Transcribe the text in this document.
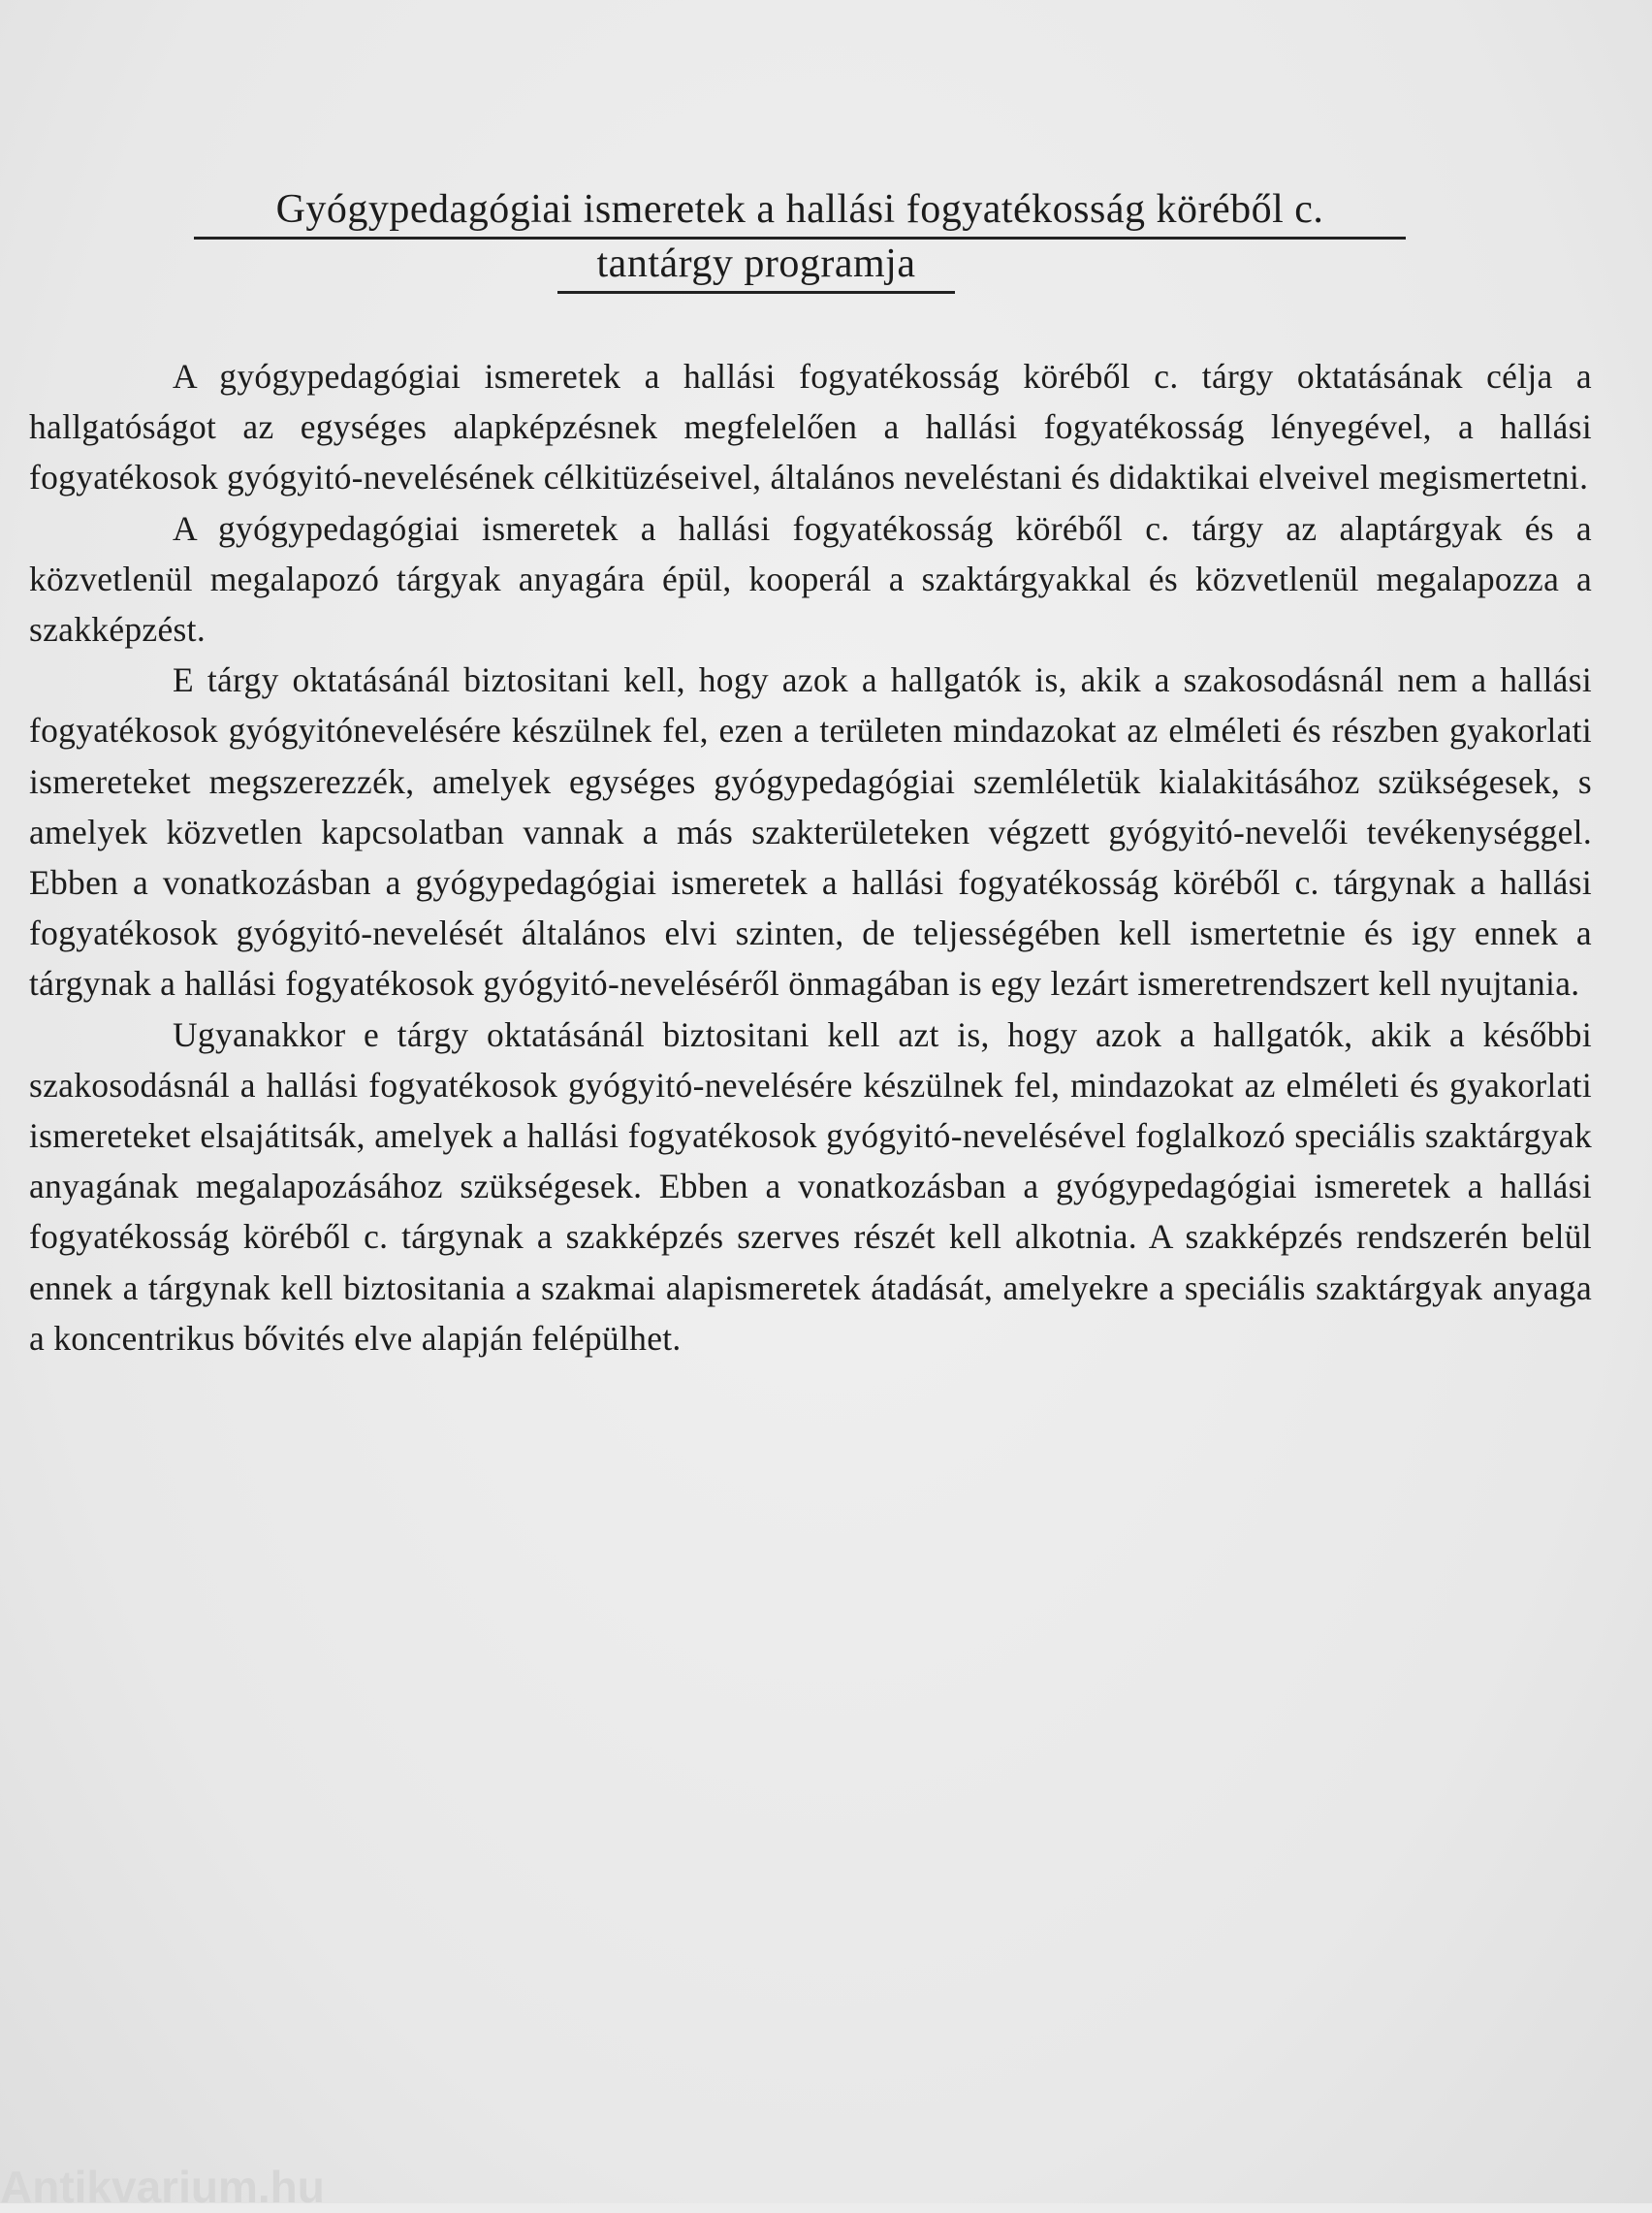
Gyógypedagógiai ismeretek a hallási fogyatékosság köréből c.
tantárgy programja

A gyógypedagógiai ismeretek a hallási fogyatékosság köréből c. tárgy oktatásának célja a hallgatóságot az egységes alapképzésnek megfelelően a hallási fogyatékosság lényegével, a hallási fogyatékosok gyógyitó-nevelésének célkitüzéseivel, általános neveléstani és didaktikai elveivel megismertetni.

A gyógypedagógiai ismeretek a hallási fogyatékosság köréből c. tárgy az alaptárgyak és a közvetlenül megalapozó tárgyak anyagára épül, kooperál a szaktárgyakkal és közvetlenül megalapozza a szakképzést.

E tárgy oktatásánál biztositani kell, hogy azok a hallgatók is, akik a szakosodásnál nem a hallási fogyatékosok gyógyitónevelésére készülnek fel, ezen a területen mindazokat az elméleti és részben gyakorlati ismereteket megszerezzék, amelyek egységes gyógypedagógiai szemléletük kialakitásához szükségesek, s amelyek közvetlen kapcsolatban vannak a más szakterületeken végzett gyógyitó-nevelői tevékenységgel. Ebben a vonatkozásban a gyógypedagógiai ismeretek a hallási fogyatékosság köréből c. tárgynak a hallási fogyatékosok gyógyitó-nevelését általános elvi szinten, de teljességében kell ismertetnie és igy ennek a tárgynak a hallási fogyatékosok gyógyitó-neveléséről önmagában is egy lezárt ismeretrendszert kell nyujtania.

Ugyanakkor e tárgy oktatásánál biztositani kell azt is, hogy azok a hallgatók, akik a későbbi szakosodásnál a hallási fogyatékosok gyógyitó-nevelésére készülnek fel, mindazokat az elméleti és gyakorlati ismereteket elsajátitsák, amelyek a hallási fogyatékosok gyógyitó-nevelésével foglalkozó speciális szaktárgyak anyagának megalapozásához szükségesek. Ebben a vonatkozásban a gyógypedagógiai ismeretek a hallási fogyatékosság köréből c. tárgynak a szakképzés szerves részét kell alkotnia. A szakképzés rendszerén belül ennek a tárgynak kell biztositania a szakmai alapismeretek átadását, amelyekre a speciális szaktárgyak anyaga a koncentrikus bővités elve alapján felépülhet.

Antikvarium.hu
